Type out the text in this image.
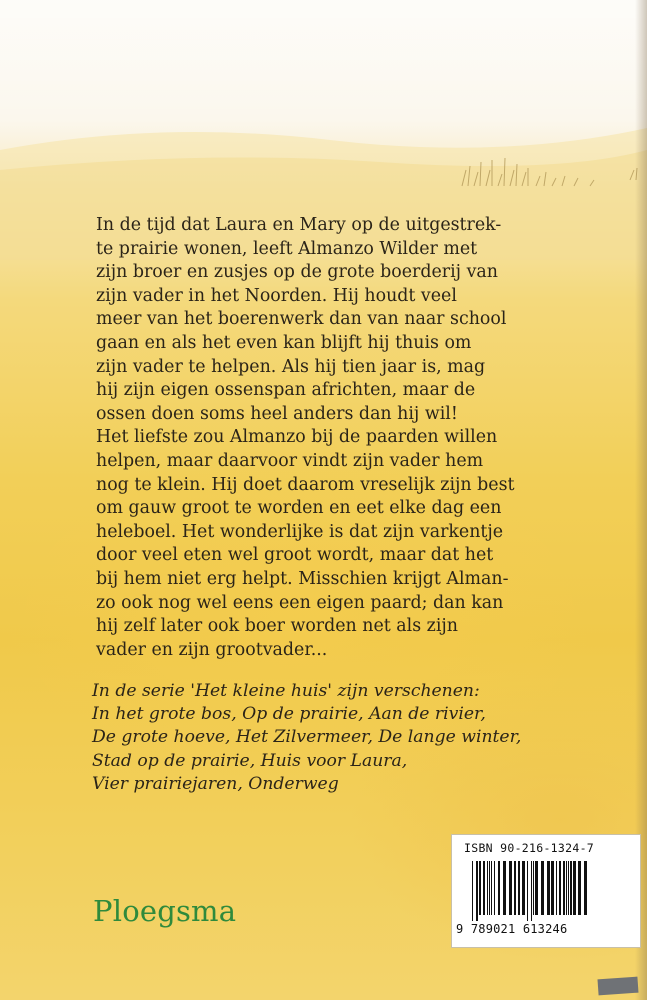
In de tijd dat Laura en Mary op de uitgestrek-
te prairie wonen, leeft Almanzo Wilder met
zijn broer en zusjes op de grote boerderij van
zijn vader in het Noorden. Hij houdt veel
meer van het boerenwerk dan van naar school
gaan en als het even kan blijft hij thuis om
zijn vader te helpen. Als hij tien jaar is, mag
hij zijn eigen ossenspan africhten, maar de
ossen doen soms heel anders dan hij wil!
Het liefste zou Almanzo bij de paarden willen
helpen, maar daarvoor vindt zijn vader hem
nog te klein. Hij doet daarom vreselijk zijn best
om gauw groot te worden en eet elke dag een
heleboel. Het wonderlijke is dat zijn varkentje
door veel eten wel groot wordt, maar dat het
bij hem niet erg helpt. Misschien krijgt Alman-
zo ook nog wel eens een eigen paard; dan kan
hij zelf later ook boer worden net als zijn
vader en zijn grootvader...
In de serie 'Het kleine huis' zijn verschenen:
In het grote bos, Op de prairie, Aan de rivier,
De grote hoeve, Het Zilvermeer, De lange winter,
Stad op de prairie, Huis voor Laura,
Vier prairiejaren, Onderweg
Ploegsma
ISBN 90-216-1324-7
9 789021 613246
